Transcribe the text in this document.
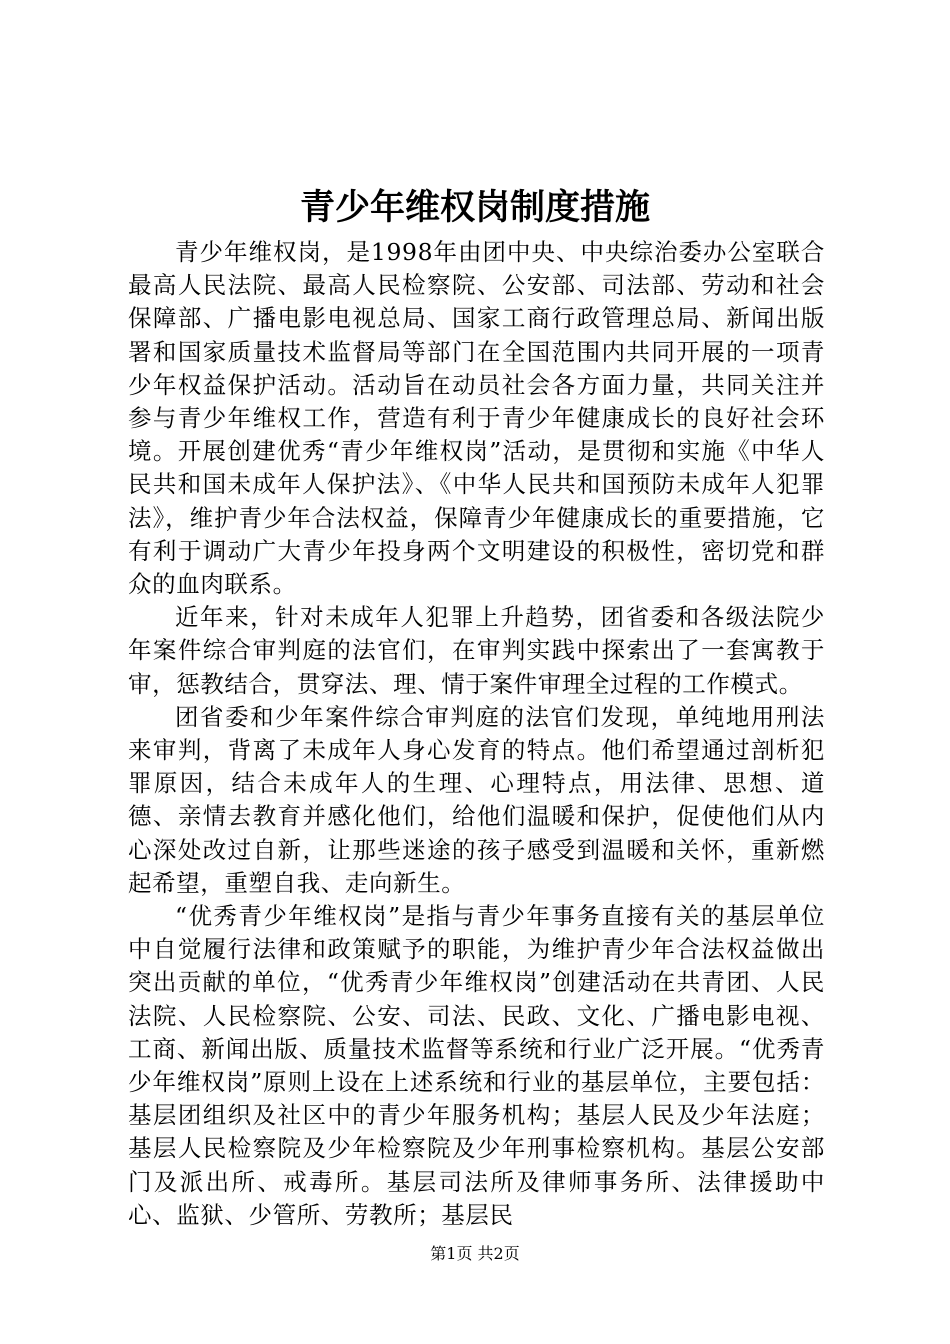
青少年维权岗制度措施

青少年维权岗，是1998年由团中央、中央综治委办公室联合最高人民法院、最高人民检察院、公安部、司法部、劳动和社会保障部、广播电影电视总局、国家工商行政管理总局、新闻出版署和国家质量技术监督局等部门在全国范围内共同开展的一项青少年权益保护活动。活动旨在动员社会各方面力量，共同关注并参与青少年维权工作，营造有利于青少年健康成长的良好社会环境。开展创建优秀“青少年维权岗”活动，是贯彻和实施《中华人民共和国未成年人保护法》、《中华人民共和国预防未成年人犯罪法》，维护青少年合法权益，保障青少年健康成长的重要措施，它有利于调动广大青少年投身两个文明建设的积极性，密切党和群众的血肉联系。

近年来，针对未成年人犯罪上升趋势，团省委和各级法院少年案件综合审判庭的法官们，在审判实践中探索出了一套寓教于审，惩教结合，贯穿法、理、情于案件审理全过程的工作模式。

团省委和少年案件综合审判庭的法官们发现，单纯地用刑法来审判，背离了未成年人身心发育的特点。他们希望通过剖析犯罪原因，结合未成年人的生理、心理特点，用法律、思想、道德、亲情去教育并感化他们，给他们温暖和保护，促使他们从内心深处改过自新，让那些迷途的孩子感受到温暖和关怀，重新燃起希望，重塑自我、走向新生。

“优秀青少年维权岗”是指与青少年事务直接有关的基层单位中自觉履行法律和政策赋予的职能，为维护青少年合法权益做出突出贡献的单位，“优秀青少年维权岗”创建活动在共青团、人民法院、人民检察院、公安、司法、民政、文化、广播电影电视、工商、新闻出版、质量技术监督等系统和行业广泛开展。“优秀青少年维权岗”原则上设在上述系统和行业的基层单位，主要包括：基层团组织及社区中的青少年服务机构；基层人民及少年法庭；基层人民检察院及少年检察院及少年刑事检察机构。基层公安部门及派出所、戒毒所。基层司法所及律师事务所、法律援助中心、监狱、少管所、劳教所；基层民

第1页 共2页
